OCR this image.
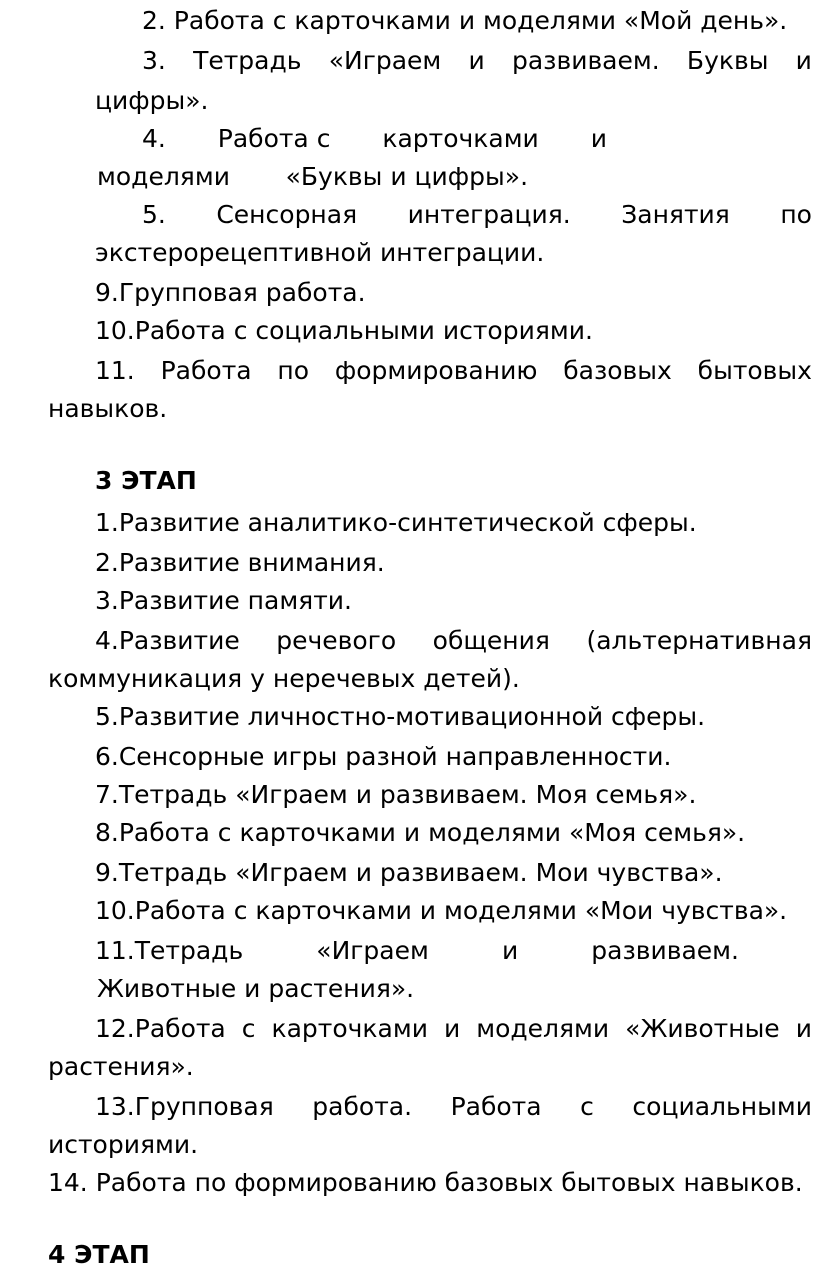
2. Работа с карточками и моделями «Мой день».

3. Тетрадь «Играем и развиваем. Буквы и

цифры».

4. Работа с карточками и

моделями       «Буквы и цифры».

5. Сенсорная интеграция. Занятия по

экстерорецептивной интеграции.

9.Групповая работа.

10.Работа с социальными историями.

11. Работа по формированию базовых бытовых

навыков.

3 ЭТАП

1.Развитие аналитико-синтетической сферы.

2.Развитие внимания.

3.Развитие памяти.

4.Развитие речевого общения (альтернативная

коммуникация у неречевых детей).

5.Развитие личностно-мотивационной сферы.

6.Сенсорные игры разной направленности.

7.Тетрадь «Играем и развиваем. Моя семья».

8.Работа с карточками и моделями «Моя семья».

9.Тетрадь «Играем и развиваем. Мои чувства».

10.Работа с карточками и моделями «Мои чувства».

11.Тетрадь	«Играем	и	развиваем.

Животные и растения».

12.Работа с карточками и моделями «Животные и

растения».

13.Групповая работа. Работа с социальными

историями.

14. Работа по формированию базовых бытовых навыков.

4 ЭТАП
